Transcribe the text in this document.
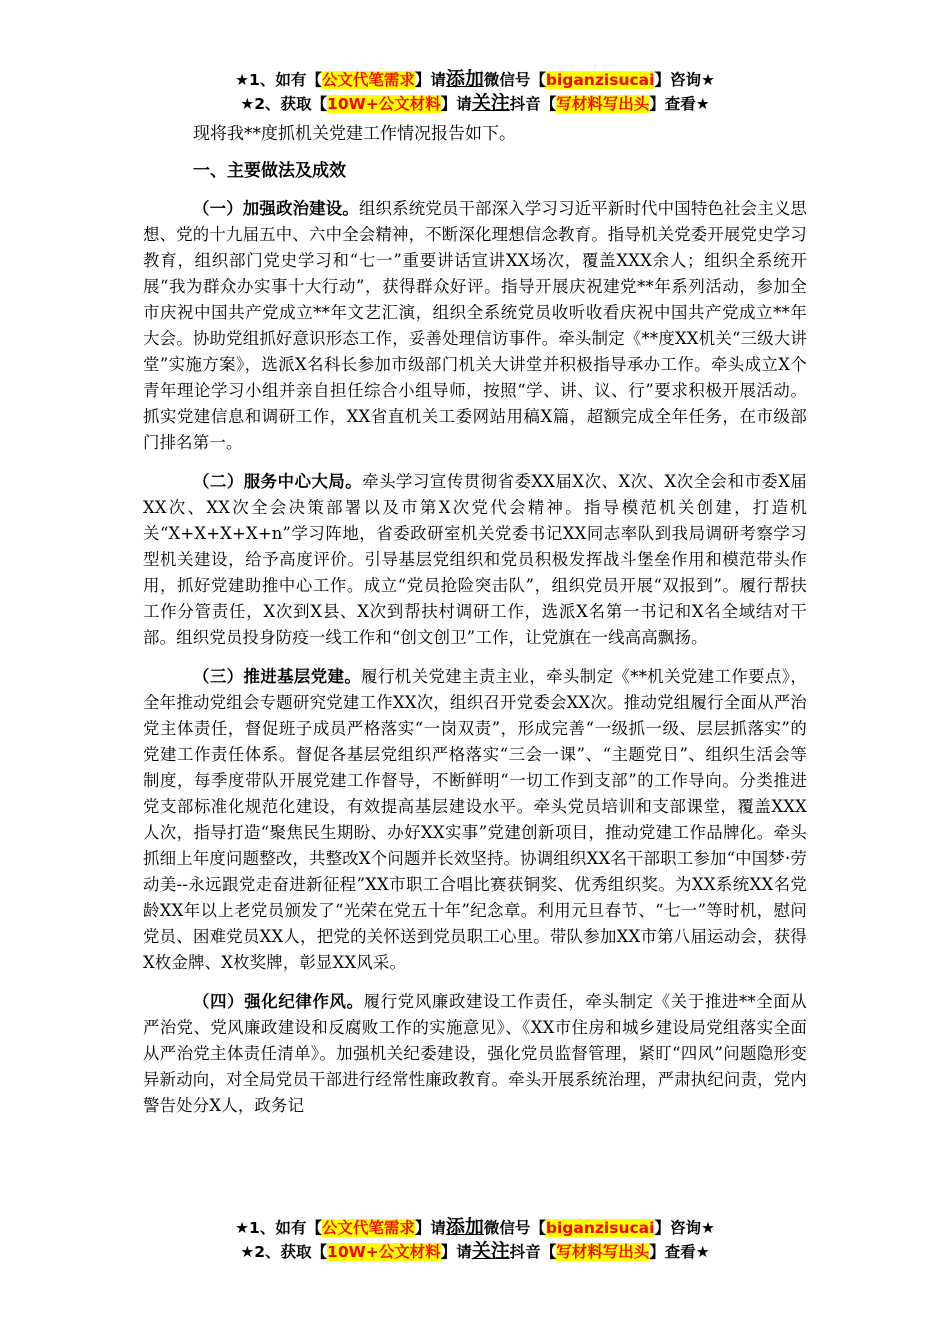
★1、如有【公文代笔需求】请添加微信号【biganzisucai】咨询★
★2、获取【10W+公文材料】请关注抖音【写材料写出头】查看★

现将我**度抓机关党建工作情况报告如下。

一、主要做法及成效

（一）加强政治建设。组织系统党员干部深入学习习近平新时代中国特色社会主义思想、党的十九届五中、六中全会精神，不断深化理想信念教育。指导机关党委开展党史学习教育，组织部门党史学习和“七一”重要讲话宣讲XX场次，覆盖XXX余人；组织全系统开展“我为群众办实事十大行动”，获得群众好评。指导开展庆祝建党**年系列活动，参加全市庆祝中国共产党成立**年文艺汇演，组织全系统党员收听收看庆祝中国共产党成立**年大会。协助党组抓好意识形态工作，妥善处理信访事件。牵头制定《**度XX机关“三级大讲堂”实施方案》，选派X名科长参加市级部门机关大讲堂并积极指导承办工作。牵头成立X个青年理论学习小组并亲自担任综合小组导师，按照“学、讲、议、行”要求积极开展活动。抓实党建信息和调研工作，XX省直机关工委网站用稿X篇，超额完成全年任务，在市级部门排名第一。

（二）服务中心大局。牵头学习宣传贯彻省委XX届X次、X次、X次全会和市委X届XX次、XX次全会决策部署以及市第X次党代会精神。指导模范机关创建，打造机关“X+X+X+X+n”学习阵地，省委政研室机关党委书记XX同志率队到我局调研考察学习型机关建设，给予高度评价。引导基层党组织和党员积极发挥战斗堡垒作用和模范带头作用，抓好党建助推中心工作。成立“党员抢险突击队”，组织党员开展“双报到”。履行帮扶工作分管责任，X次到X县、X次到帮扶村调研工作，选派X名第一书记和X名全域结对干部。组织党员投身防疫一线工作和“创文创卫”工作，让党旗在一线高高飘扬。

（三）推进基层党建。履行机关党建主责主业，牵头制定《**机关党建工作要点》，全年推动党组会专题研究党建工作XX次，组织召开党委会XX次。推动党组履行全面从严治党主体责任，督促班子成员严格落实“一岗双责”，形成完善“一级抓一级、层层抓落实”的党建工作责任体系。督促各基层党组织严格落实“三会一课”、“主题党日”、组织生活会等制度，每季度带队开展党建工作督导，不断鲜明“一切工作到支部”的工作导向。分类推进党支部标准化规范化建设，有效提高基层建设水平。牵头党员培训和支部课堂，覆盖XXX人次，指导打造“聚焦民生期盼、办好XX实事”党建创新项目，推动党建工作品牌化。牵头抓细上年度问题整改，共整改X个问题并长效坚持。协调组织XX名干部职工参加“中国梦·劳动美--永远跟党走奋进新征程”XX市职工合唱比赛获铜奖、优秀组织奖。为XX系统XX名党龄XX年以上老党员颁发了“光荣在党五十年”纪念章。利用元旦春节、“七一”等时机，慰问党员、困难党员XX人，把党的关怀送到党员职工心里。带队参加XX市第八届运动会，获得X枚金牌、X枚奖牌，彰显XX风采。

（四）强化纪律作风。履行党风廉政建设工作责任，牵头制定《关于推进**全面从严治党、党风廉政建设和反腐败工作的实施意见》、《XX市住房和城乡建设局党组落实全面从严治党主体责任清单》。加强机关纪委建设，强化党员监督管理，紧盯“四风”问题隐形变异新动向，对全局党员干部进行经常性廉政教育。牵头开展系统治理，严肃执纪问责，党内警告处分X人，政务记

★1、如有【公文代笔需求】请添加微信号【biganzisucai】咨询★
★2、获取【10W+公文材料】请关注抖音【写材料写出头】查看★
